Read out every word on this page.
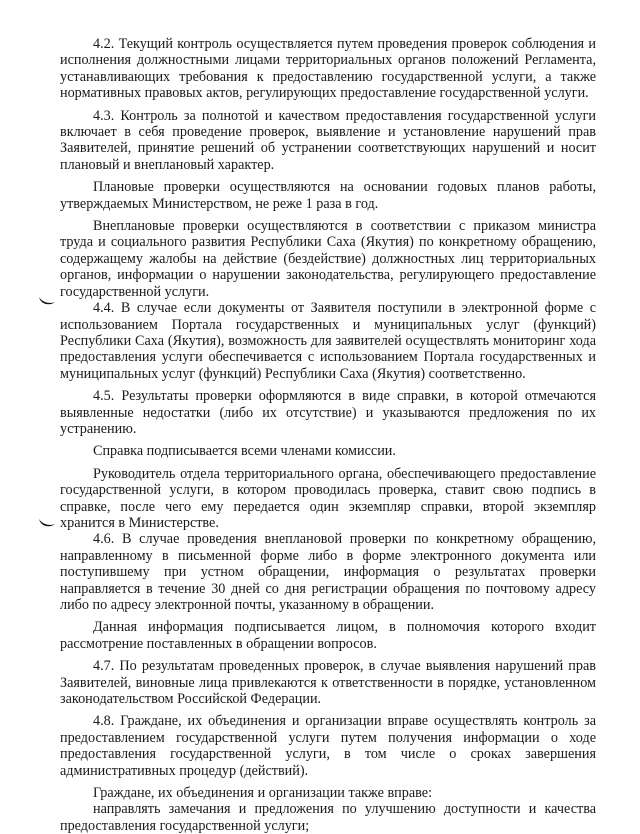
4.2. Текущий контроль осуществляется путем проведения проверок соблюдения и исполнения должностными лицами территориальных органов положений Регламента, устанавливающих требования к предоставлению государственной услуги, а также нормативных правовых актов, регулирующих предоставление государственной услуги.

4.3. Контроль за полнотой и качеством предоставления государственной услуги включает в себя проведение проверок, выявление и установление нарушений прав Заявителей, принятие решений об устранении соответствующих нарушений и носит плановый и внеплановый характер.

Плановые проверки осуществляются на основании годовых планов работы, утверждаемых Министерством, не реже 1 раза в год.

Внеплановые проверки осуществляются в соответствии с приказом министра труда и социального развития Республики Саха (Якутия) по конкретному обращению, содержащему жалобы на действие (бездействие) должностных лиц территориальных органов, информации о нарушении законодательства, регулирующего предоставление государственной услуги.

4.4. В случае если документы от Заявителя поступили в электронной форме с использованием Портала государственных и муниципальных услуг (функций) Республики Саха (Якутия), возможность для заявителей осуществлять мониторинг хода предоставления услуги обеспечивается с использованием Портала государственных и муниципальных услуг (функций) Республики Саха (Якутия) соответственно.

4.5. Результаты проверки оформляются в виде справки, в которой отмечаются выявленные недостатки (либо их отсутствие) и указываются предложения по их устранению.

Справка подписывается всеми членами комиссии.

Руководитель отдела территориального органа, обеспечивающего предоставление государственной услуги, в котором проводилась проверка, ставит свою подпись в справке, после чего ему передается один экземпляр справки, второй экземпляр хранится в Министерстве.

4.6. В случае проведения внеплановой проверки по конкретному обращению, направленному в письменной форме либо в форме электронного документа или поступившему при устном обращении, информация о результатах проверки направляется в течение 30 дней со дня регистрации обращения по почтовому адресу либо по адресу электронной почты, указанному в обращении.

Данная информация подписывается лицом, в полномочия которого входит рассмотрение поставленных в обращении вопросов.

4.7. По результатам проведенных проверок, в случае выявления нарушений прав Заявителей, виновные лица привлекаются к ответственности в порядке, установленном законодательством Российской Федерации.

4.8. Граждане, их объединения и организации вправе осуществлять контроль за предоставлением государственной услуги путем получения информации о ходе предоставления государственной услуги, в том числе о сроках завершения административных процедур (действий).

Граждане, их объединения и организации также вправе:

направлять замечания и предложения по улучшению доступности и качества предоставления государственной услуги;
